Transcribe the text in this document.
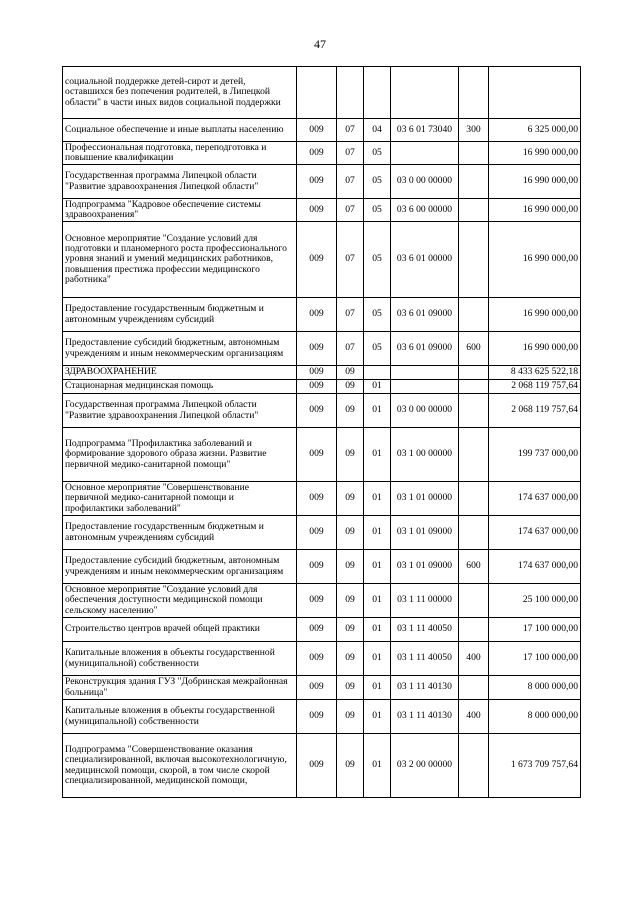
47
социальной поддержке детей-сирот и детей, оставшихся без попечения родителей, в Липецкой области" в части иных видов социальной поддержки						
Социальное обеспечение и иные выплаты населению	009	07	04	03 6 01 73040	300	6 325 000,00
Профессиональная подготовка, переподготовка и повышение квалификации	009	07	05			16 990 000,00
Государственная программа Липецкой области "Развитие здравоохранения Липецкой области"	009	07	05	03 0 00 00000		16 990 000,00
Подпрограмма "Кадровое обеспечение системы здравоохранения"	009	07	05	03 6 00 00000		16 990 000,00
Основное мероприятие "Создание условий для подготовки и планомерного роста профессионального уровня знаний и умений медицинских работников, повышения престижа профессии медицинского работника"	009	07	05	03 6 01 00000		16 990 000,00
Предоставление государственным бюджетным и автономным учреждениям субсидий	009	07	05	03 6 01 09000		16 990 000,00
Предоставление субсидий бюджетным, автономным учреждениям и иным некоммерческим организациям	009	07	05	03 6 01 09000	600	16 990 000,00
ЗДРАВООХРАНЕНИЕ	009	09				8 433 625 522,18
Стационарная медицинская помощь	009	09	01			2 068 119 757,64
Государственная программа Липецкой области "Развитие здравоохранения Липецкой области"	009	09	01	03 0 00 00000		2 068 119 757,64
Подпрограмма "Профилактика заболеваний и формирование здорового образа жизни. Развитие первичной медико-санитарной помощи"	009	09	01	03 1 00 00000		199 737 000,00
Основное мероприятие "Совершенствование первичной медико-санитарной помощи и профилактики заболеваний"	009	09	01	03 1 01 00000		174 637 000,00
Предоставление государственным бюджетным и автономным учреждениям субсидий	009	09	01	03 1 01 09000		174 637 000,00
Предоставление субсидий бюджетным, автономным учреждениям и иным некоммерческим организациям	009	09	01	03 1 01 09000	600	174 637 000,00
Основное мероприятие "Создание условий для обеспечения доступности медицинской помощи сельскому населению"	009	09	01	03 1 11 00000		25 100 000,00
Строительство центров врачей общей практики	009	09	01	03 1 11 40050		17 100 000,00
Капитальные вложения в объекты государственной (муниципальной) собственности	009	09	01	03 1 11 40050	400	17 100 000,00
Реконструкция здания ГУЗ "Добринская межрайонная больница"	009	09	01	03 1 11 40130		8 000 000,00
Капитальные вложения в объекты государственной (муниципальной) собственности	009	09	01	03 1 11 40130	400	8 000 000,00
Подпрограмма "Совершенствование оказания специализированной, включая высокотехнологичную, медицинской помощи, скорой, в том числе скорой специализированной, медицинской помощи,	009	09	01	03 2 00 00000		1 673 709 757,64
